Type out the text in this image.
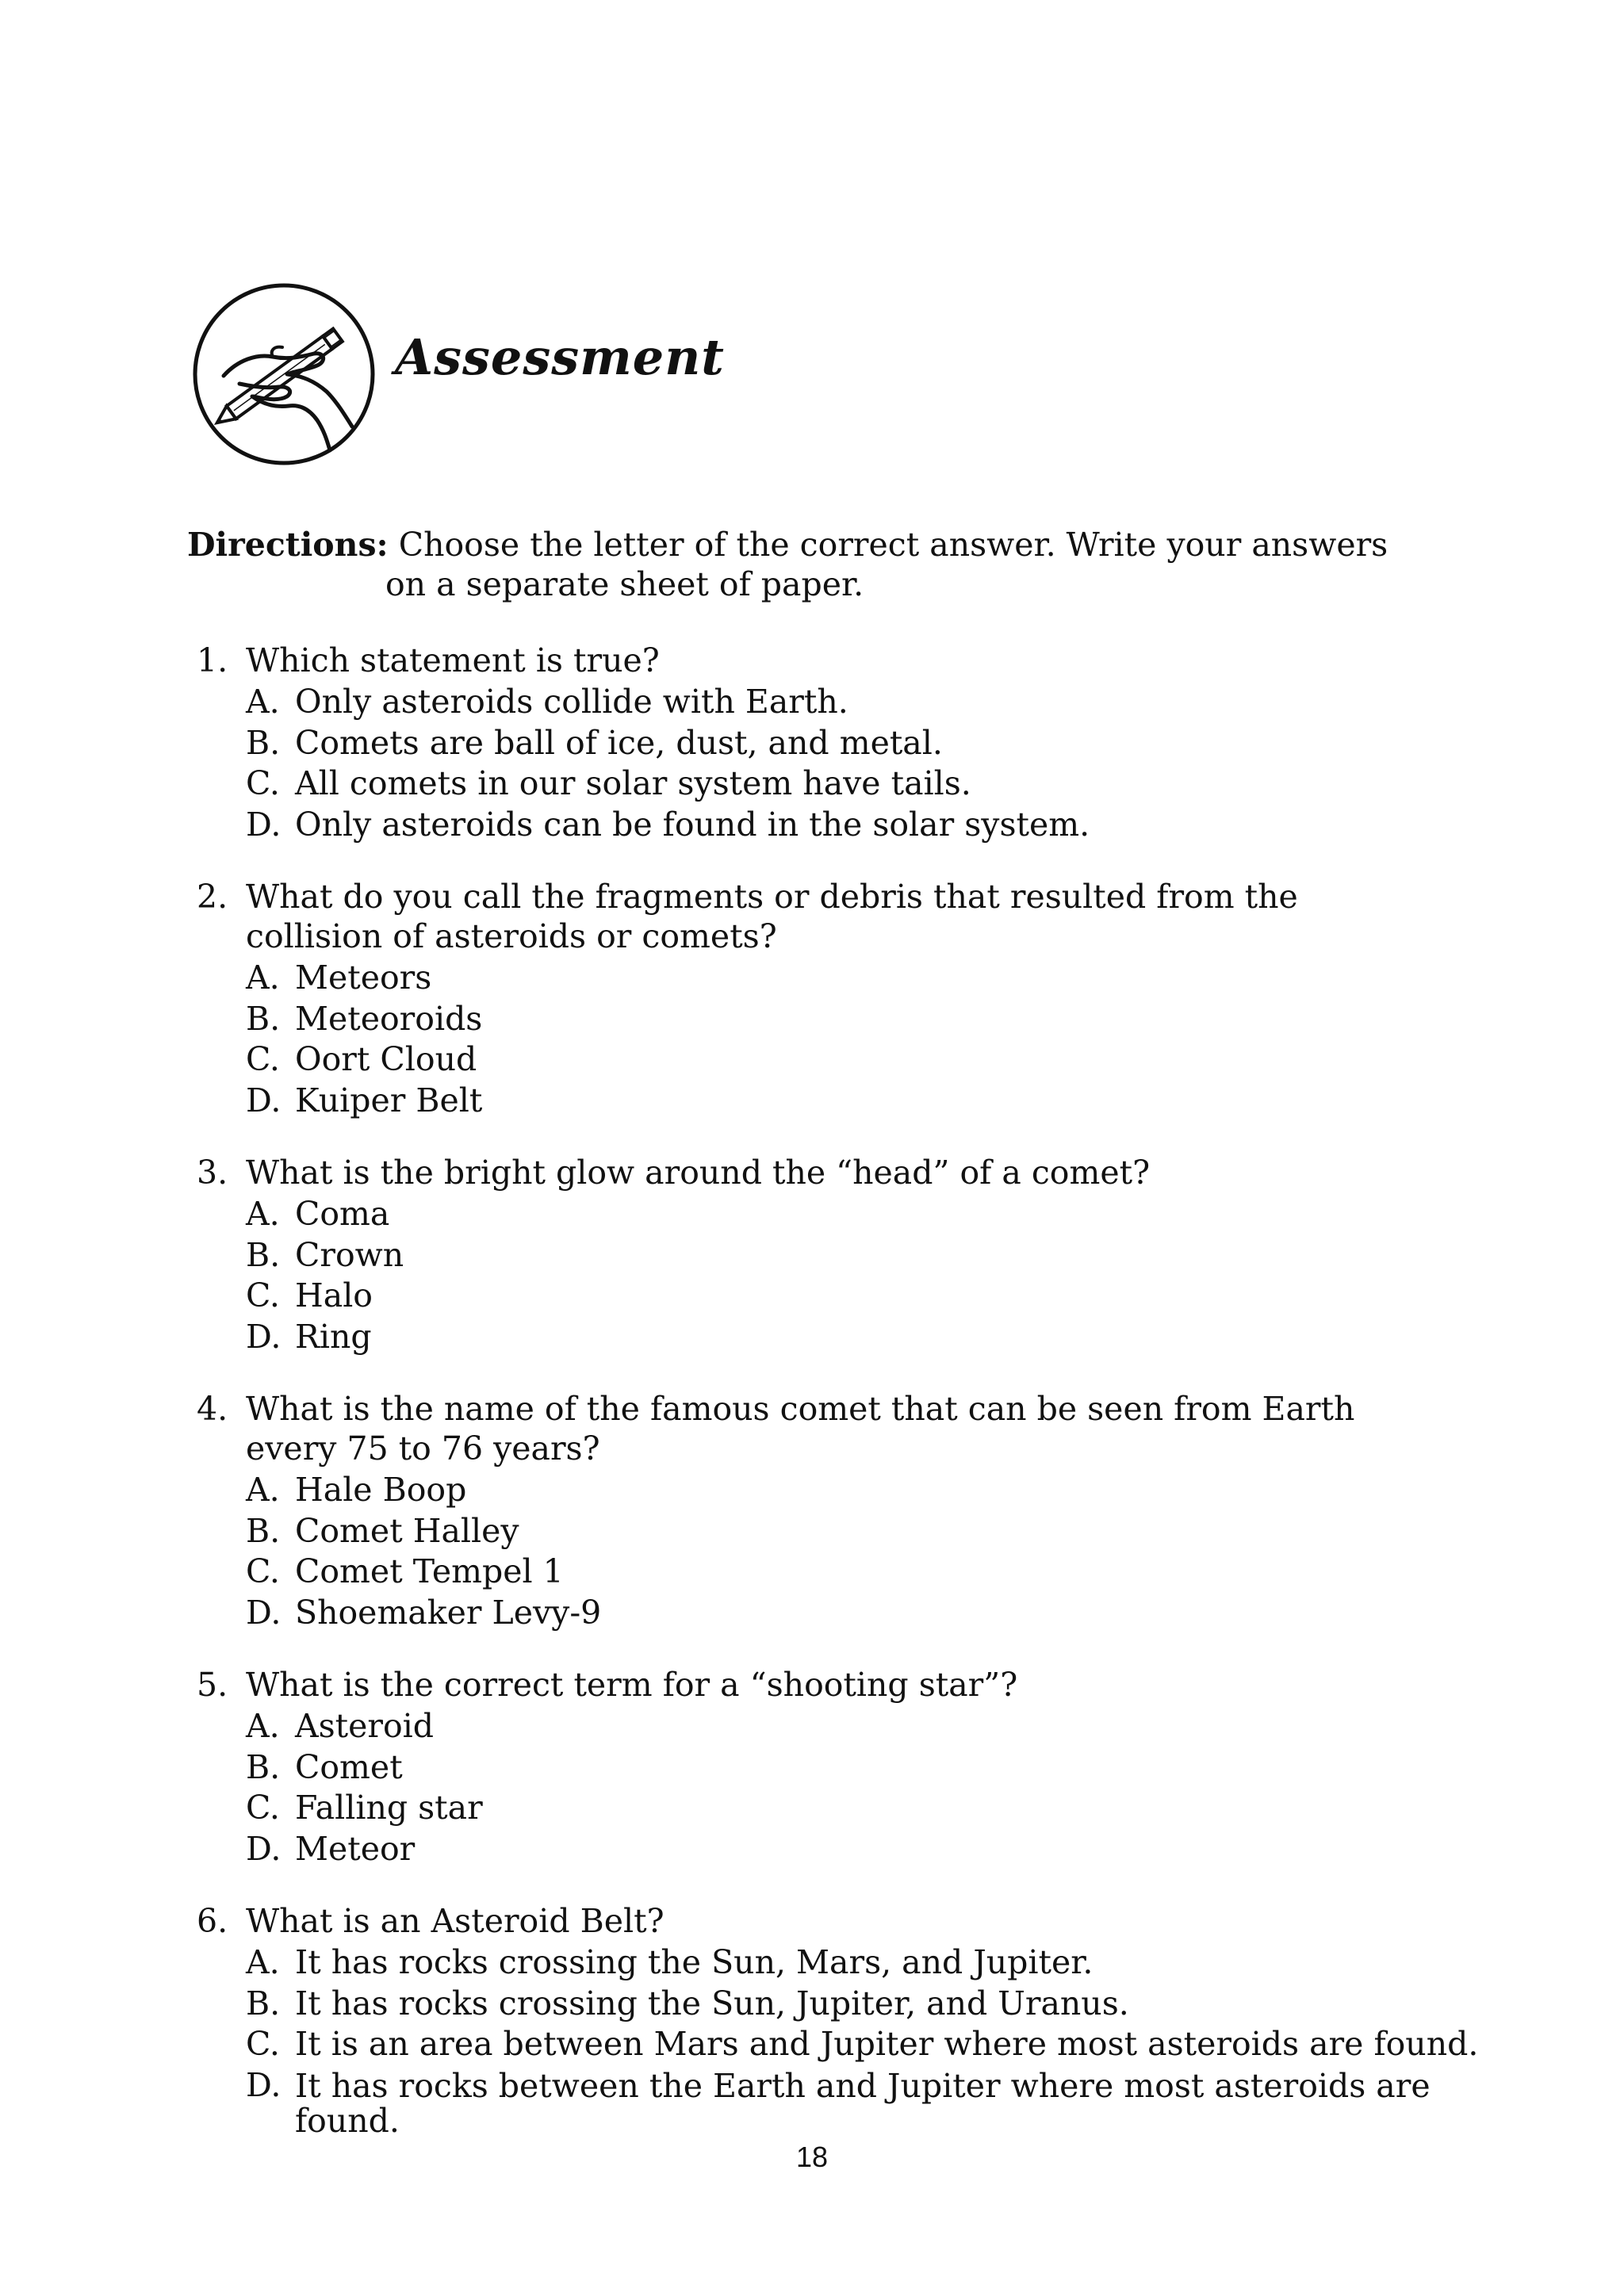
Assessment
Directions: Choose the letter of the correct answer. Write your answers
on a separate sheet of paper.
1. Which statement is true?
A. Only asteroids collide with Earth.
B. Comets are ball of ice, dust, and metal.
C. All comets in our solar system have tails.
D. Only asteroids can be found in the solar system.
2. What do you call the fragments or debris that resulted from the
collision of asteroids or comets?
A. Meteors
B. Meteoroids
C. Oort Cloud
D. Kuiper Belt
3. What is the bright glow around the “head” of a comet?
A. Coma
B. Crown
C. Halo
D. Ring
4. What is the name of the famous comet that can be seen from Earth
every 75 to 76 years?
A. Hale Boop
B. Comet Halley
C. Comet Tempel 1
D. Shoemaker Levy-9
5. What is the correct term for a “shooting star”?
A. Asteroid
B. Comet
C. Falling star
D. Meteor
6. What is an Asteroid Belt?
A. It has rocks crossing the Sun, Mars, and Jupiter.
B. It has rocks crossing the Sun, Jupiter, and Uranus.
C. It is an area between Mars and Jupiter where most asteroids are found.
D. It has rocks between the Earth and Jupiter where most asteroids are found.
18
